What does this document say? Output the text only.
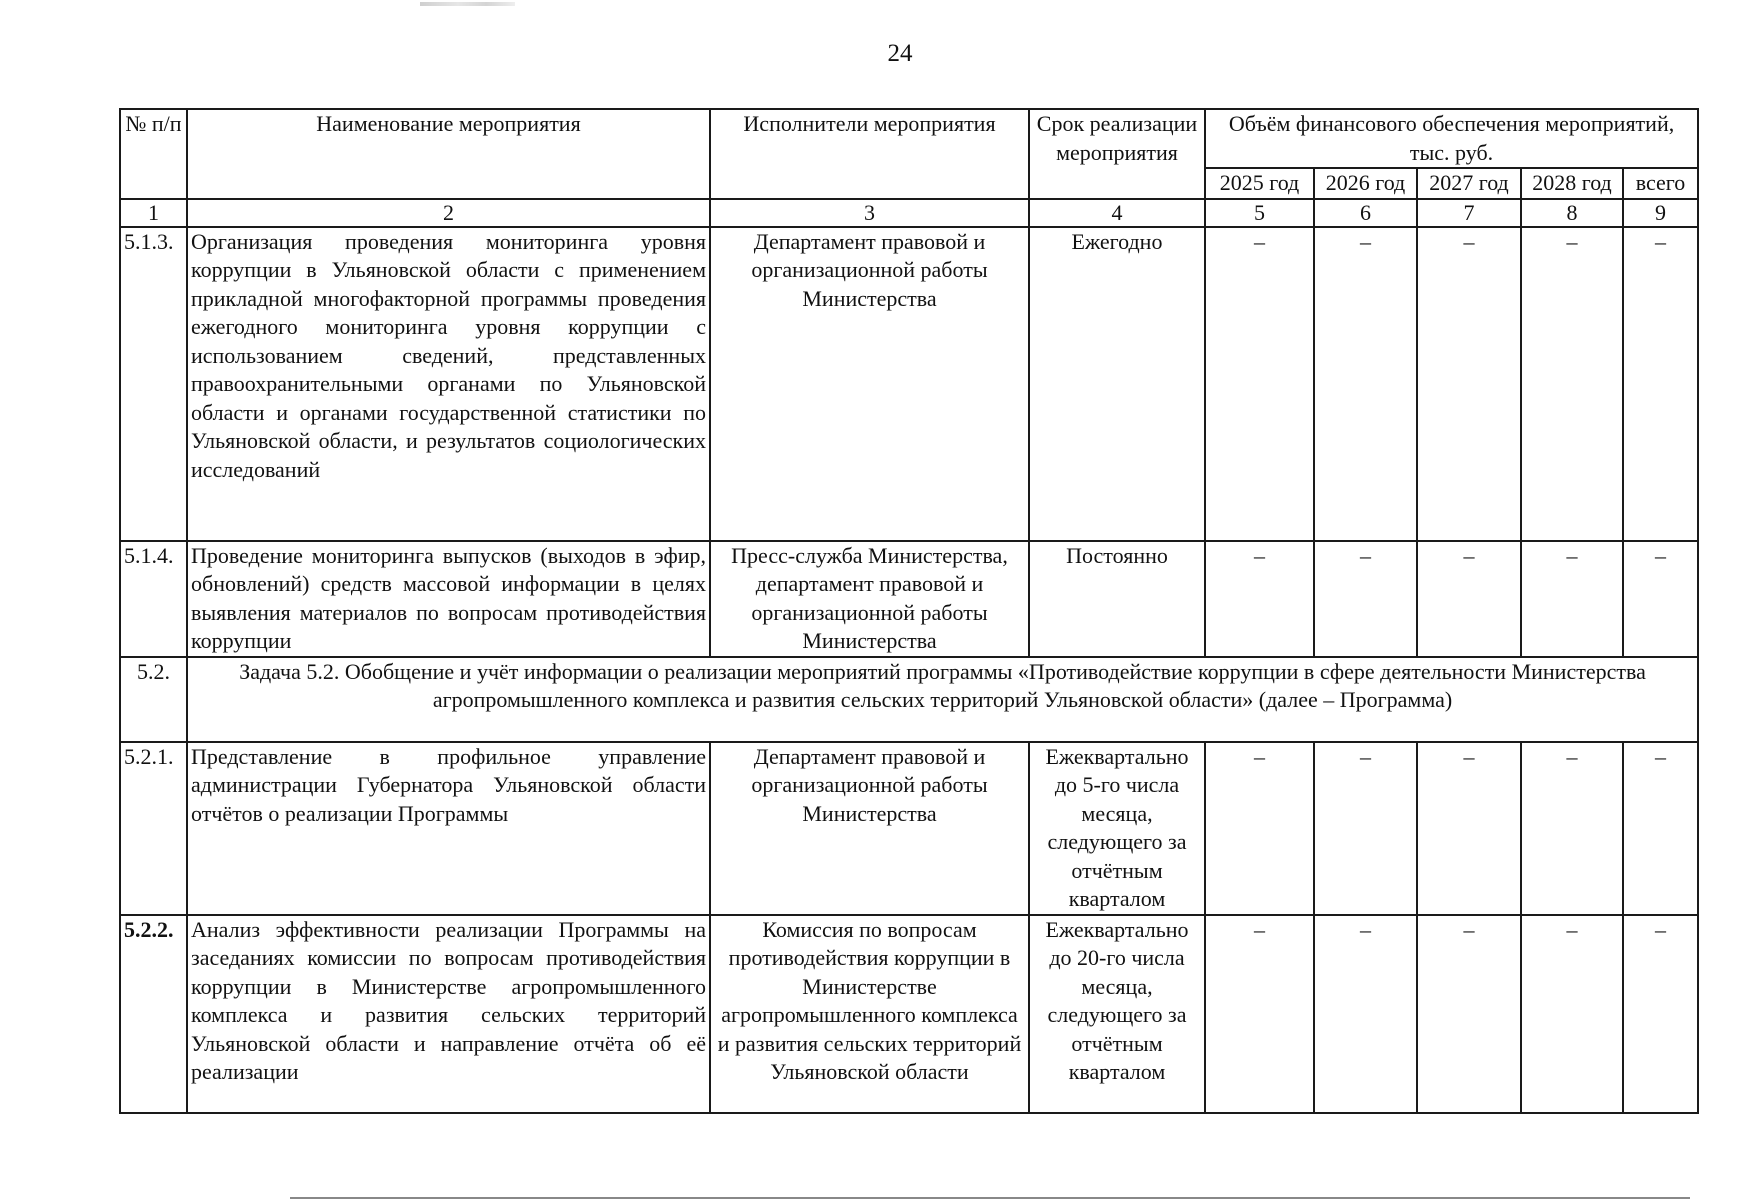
24
№ п/п	Наименование мероприятия	Исполнители мероприятия	Срок реализации мероприятия	Объём финансового обеспечения мероприятий, тыс. руб.				
				2025 год	2026 год	2027 год	2028 год	всего
1	2	3	4	5	6	7	8	9
5.1.3.	Организация проведения мониторинга уровня коррупции в Ульяновской области с применением прикладной многофакторной программы проведения ежегодного мониторинга уровня коррупции с использованием сведений, представленных правоохранительными органами по Ульяновской области и органами государственной статистики по Ульяновской области, и результатов социологических исследований	Департамент правовой и организационной работы Министерства	Ежегодно	–	–	–	–	–
5.1.4.	Проведение мониторинга выпусков (выходов в эфир, обновлений) средств массовой информации в целях выявления материалов по вопросам противодействия коррупции	Пресс-служба Министерства, департамент правовой и организационной работы Министерства	Постоянно	–	–	–	–	–
5.2.	Задача 5.2. Обобщение и учёт информации о реализации мероприятий программы «Противодействие коррупции в сфере деятельности Министерства агропромышленного комплекса и развития сельских территорий Ульяновской области» (далее – Программа)							
5.2.1.	Представление в профильное управление администрации Губернатора Ульяновской области отчётов о реализации Программы	Департамент правовой и организационной работы Министерства	Ежеквартально до 5-го числа месяца, следующего за отчётным кварталом	–	–	–	–	–
5.2.2.	Анализ эффективности реализации Программы на заседаниях комиссии по вопросам противодействия коррупции в Министерстве агропромышленного комплекса и развития сельских территорий Ульяновской области и направление отчёта об её реализации	Комиссия по вопросам противодействия коррупции в Министерстве агропромышленного комплекса и развития сельских территорий Ульяновской области	Ежеквартально до 20-го числа месяца, следующего за отчётным кварталом	–	–	–	–	–
